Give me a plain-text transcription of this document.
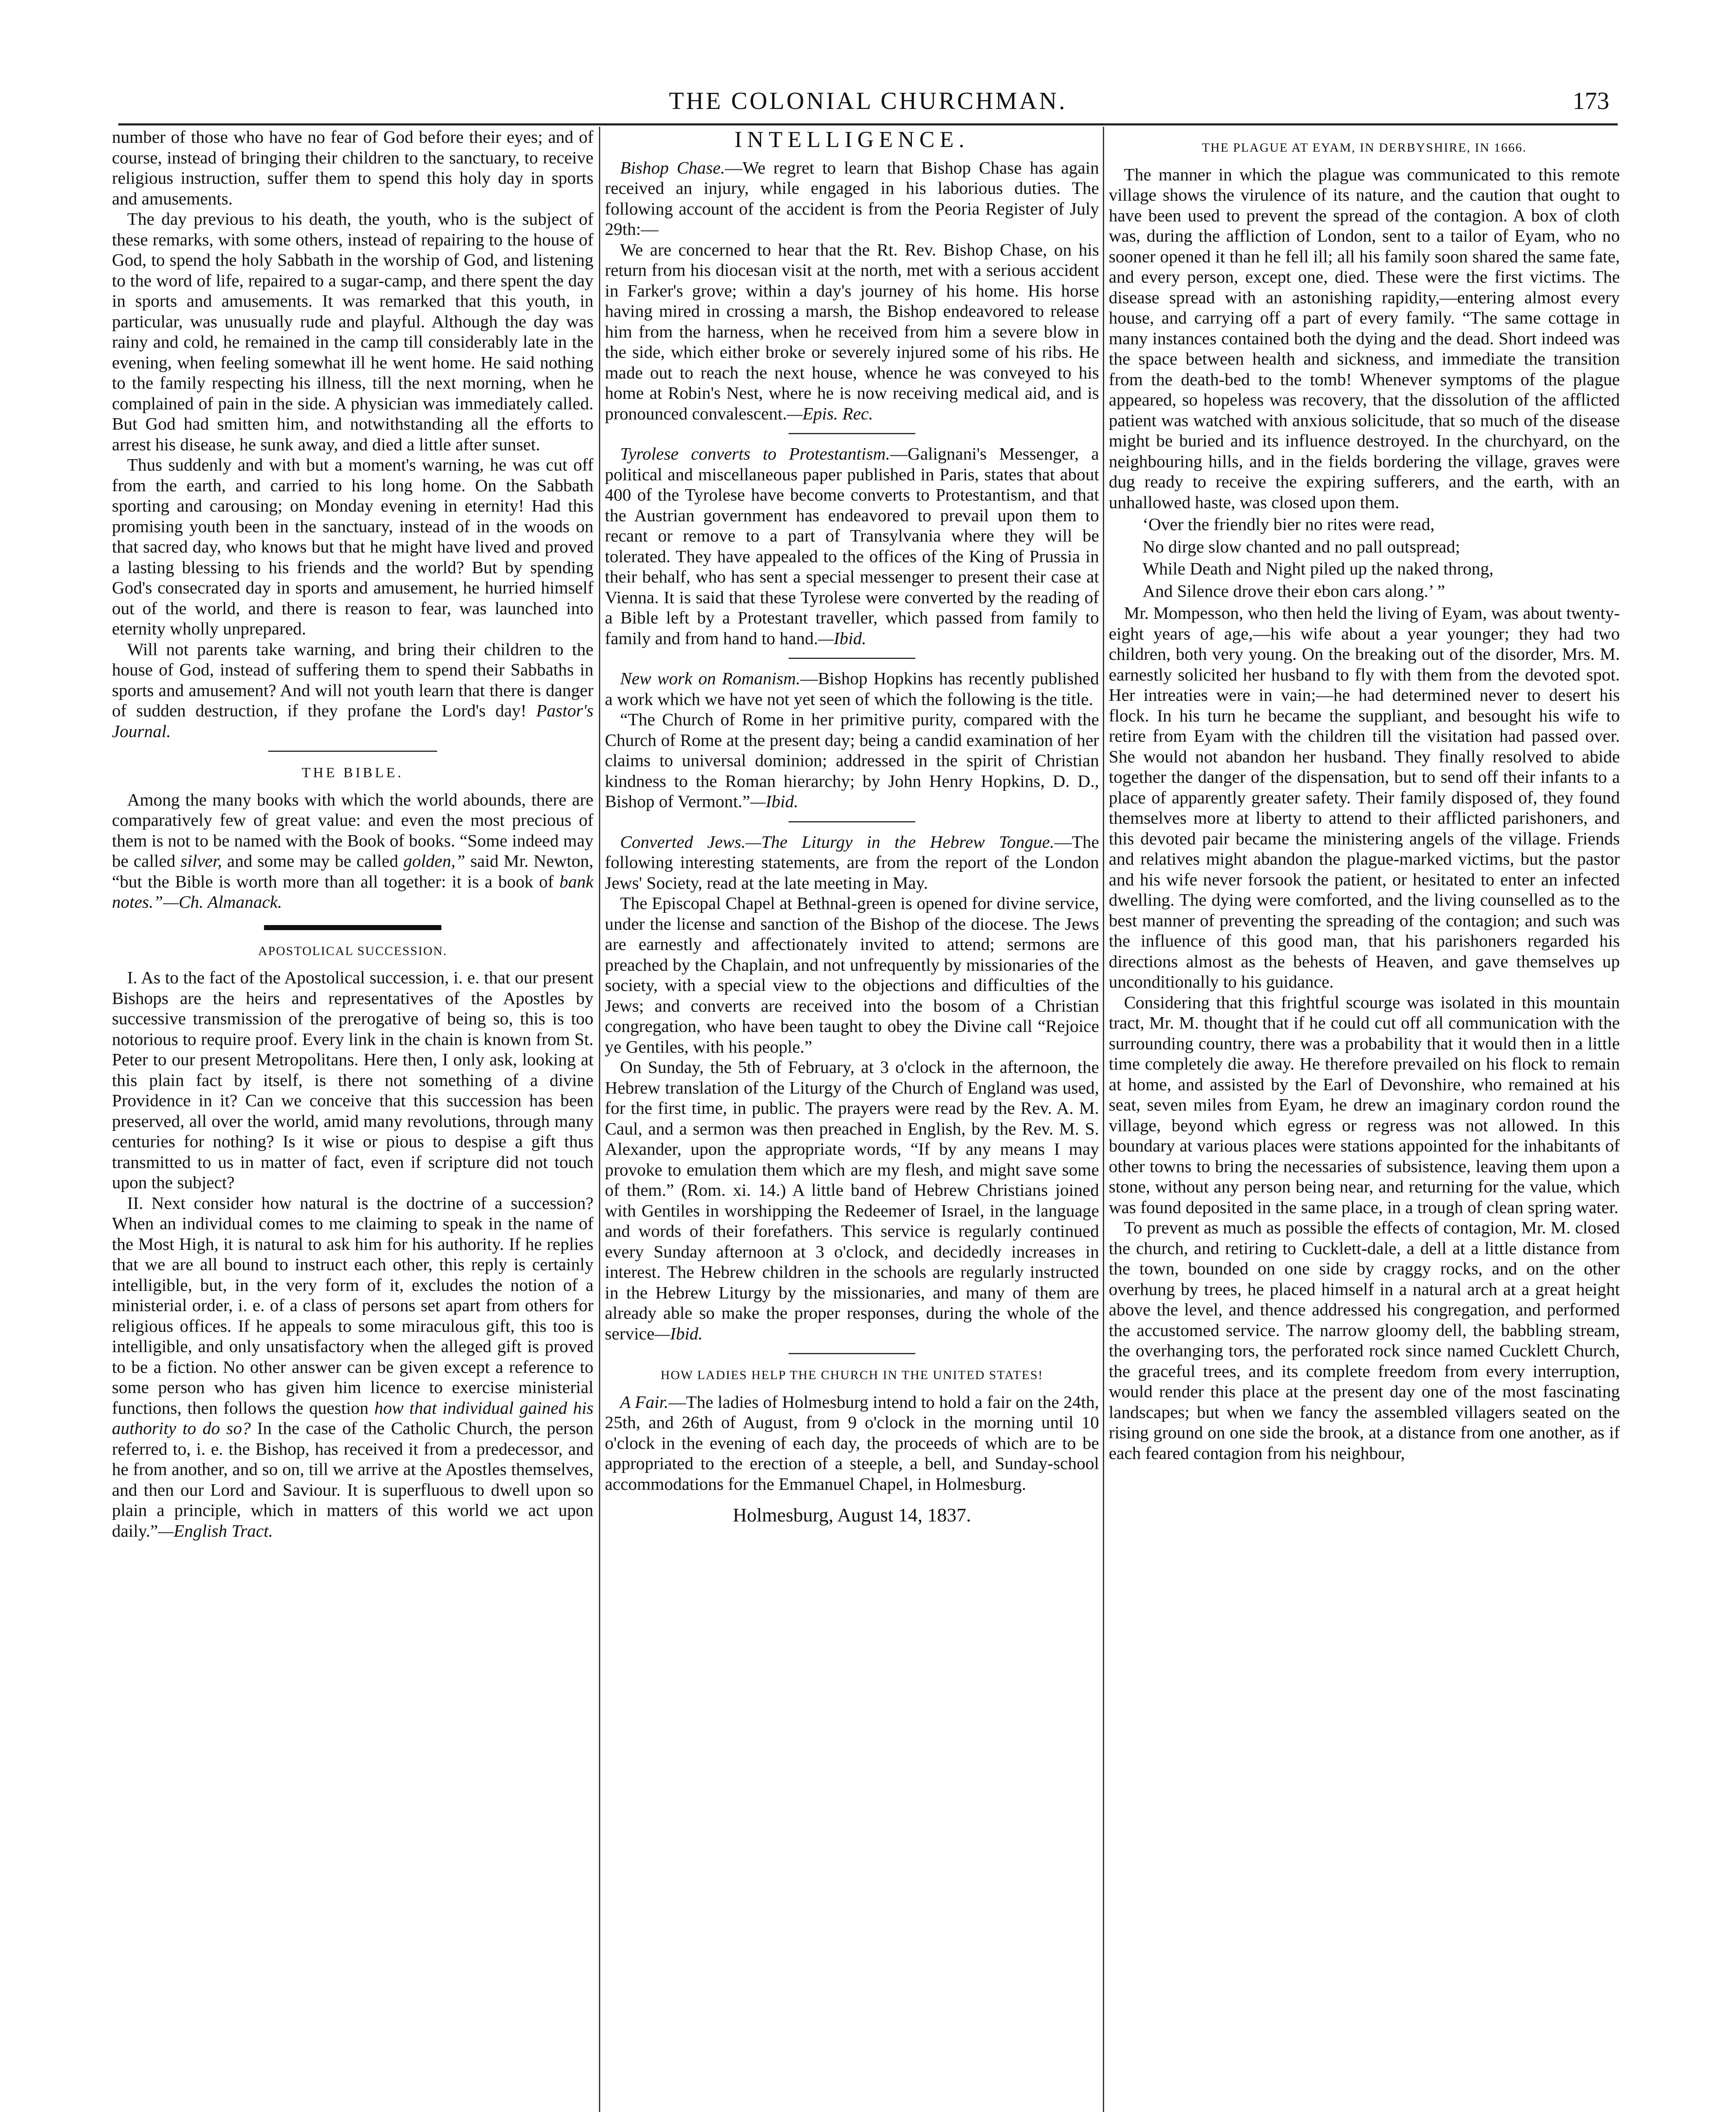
THE COLONIAL CHURCHMAN.	173

number of those who have no fear of God before their eyes; and of course, instead of bringing their children to the sanctuary, to receive religious instruction, suffer them to spend this holy day in sports and amusements.

The day previous to his death, the youth, who is the subject of these remarks, with some others, instead of repairing to the house of God, to spend the holy Sabbath in the worship of God, and listening to the word of life, repaired to a sugar-camp, and there spent the day in sports and amusements. It was remarked that this youth, in particular, was unusually rude and playful. Although the day was rainy and cold, he remained in the camp till considerably late in the evening, when feeling somewhat ill he went home. He said nothing to the family respecting his illness, till the next morning, when he complained of pain in the side. A physician was immediately called. But God had smitten him, and notwithstanding all the efforts to arrest his disease, he sunk away, and died a little after sunset.

Thus suddenly and with but a moment's warning, he was cut off from the earth, and carried to his long home. On the Sabbath sporting and carousing; on Monday evening in eternity! Had this promising youth been in the sanctuary, instead of in the woods on that sacred day, who knows but that he might have lived and proved a lasting blessing to his friends and the world? But by spending God's consecrated day in sports and amusement, he hurried himself out of the world, and there is reason to fear, was launched into eternity wholly unprepared.

Will not parents take warning, and bring their children to the house of God, instead of suffering them to spend their Sabbaths in sports and amusement? And will not youth learn that there is danger of sudden destruction, if they profane the Lord's day! Pastor's Journal.

THE BIBLE.

Among the many books with which the world abounds, there are comparatively few of great value: and even the most precious of them is not to be named with the Book of books. “Some indeed may be called silver, and some may be called golden,” said Mr. Newton, “but the Bible is worth more than all together: it is a book of bank notes.”—Ch. Almanack.

APOSTOLICAL SUCCESSION.

I. As to the fact of the Apostolical succession, i. e. that our present Bishops are the heirs and representatives of the Apostles by successive transmission of the prerogative of being so, this is too notorious to require proof. Every link in the chain is known from St. Peter to our present Metropolitans. Here then, I only ask, looking at this plain fact by itself, is there not something of a divine Providence in it? Can we conceive that this succession has been preserved, all over the world, amid many revolutions, through many centuries for nothing? Is it wise or pious to despise a gift thus transmitted to us in matter of fact, even if scripture did not touch upon the subject?

II. Next consider how natural is the doctrine of a succession? When an individual comes to me claiming to speak in the name of the Most High, it is natural to ask him for his authority. If he replies that we are all bound to instruct each other, this reply is certainly intelligible, but, in the very form of it, excludes the notion of a ministerial order, i. e. of a class of persons set apart from others for religious offices. If he appeals to some miraculous gift, this too is intelligible, and only unsatisfactory when the alleged gift is proved to be a fiction. No other answer can be given except a reference to some person who has given him licence to exercise ministerial functions, then follows the question how that individual gained his authority to do so? In the case of the Catholic Church, the person referred to, i. e. the Bishop, has received it from a predecessor, and he from another, and so on, till we arrive at the Apostles themselves, and then our Lord and Saviour. It is superfluous to dwell upon so plain a principle, which in matters of this world we act upon daily.”—English Tract.

INTELLIGENCE.

Bishop Chase.—We regret to learn that Bishop Chase has again received an injury, while engaged in his laborious duties. The following account of the accident is from the Peoria Register of July 29th:—

We are concerned to hear that the Rt. Rev. Bishop Chase, on his return from his diocesan visit at the north, met with a serious accident in Farker's grove; within a day's journey of his home. His horse having mired in crossing a marsh, the Bishop endeavored to release him from the harness, when he received from him a severe blow in the side, which either broke or severely injured some of his ribs. He made out to reach the next house, whence he was conveyed to his home at Robin's Nest, where he is now receiving medical aid, and is pronounced convalescent.—Epis. Rec.

Tyrolese converts to Protestantism.—Galignani's Messenger, a political and miscellaneous paper published in Paris, states that about 400 of the Tyrolese have become converts to Protestantism, and that the Austrian government has endeavored to prevail upon them to recant or remove to a part of Transylvania where they will be tolerated. They have appealed to the offices of the King of Prussia in their behalf, who has sent a special messenger to present their case at Vienna. It is said that these Tyrolese were converted by the reading of a Bible left by a Protestant traveller, which passed from family to family and from hand to hand.—Ibid.

New work on Romanism.—Bishop Hopkins has recently published a work which we have not yet seen of which the following is the title.

“The Church of Rome in her primitive purity, compared with the Church of Rome at the present day; being a candid examination of her claims to universal dominion; addressed in the spirit of Christian kindness to the Roman hierarchy; by John Henry Hopkins, D. D., Bishop of Vermont.”—Ibid.

Converted Jews.—The Liturgy in the Hebrew Tongue.—The following interesting statements, are from the report of the London Jews' Society, read at the late meeting in May.

The Episcopal Chapel at Bethnal-green is opened for divine service, under the license and sanction of the Bishop of the diocese. The Jews are earnestly and affectionately invited to attend; sermons are preached by the Chaplain, and not unfrequently by missionaries of the society, with a special view to the objections and difficulties of the Jews; and converts are received into the bosom of a Christian congregation, who have been taught to obey the Divine call “Rejoice ye Gentiles, with his people.”

On Sunday, the 5th of February, at 3 o'clock in the afternoon, the Hebrew translation of the Liturgy of the Church of England was used, for the first time, in public. The prayers were read by the Rev. A. M. Caul, and a sermon was then preached in English, by the Rev. M. S. Alexander, upon the appropriate words, “If by any means I may provoke to emulation them which are my flesh, and might save some of them.” (Rom. xi. 14.) A little band of Hebrew Christians joined with Gentiles in worshipping the Redeemer of Israel, in the language and words of their forefathers. This service is regularly continued every Sunday afternoon at 3 o'clock, and decidedly increases in interest. The Hebrew children in the schools are regularly instructed in the Hebrew Liturgy by the missionaries, and many of them are already able so make the proper responses, during the whole of the service—Ibid.

HOW LADIES HELP THE CHURCH IN THE UNITED STATES!

A Fair.—The ladies of Holmesburg intend to hold a fair on the 24th, 25th, and 26th of August, from 9 o'clock in the morning until 10 o'clock in the evening of each day, the proceeds of which are to be appropriated to the erection of a steeple, a bell, and Sunday-school accommodations for the Emmanuel Chapel, in Holmesburg.

Holmesburg, August 14, 1837.
THE PLAGUE AT EYAM, IN DERBYSHIRE, IN 1666.

The manner in which the plague was communicated to this remote village shows the virulence of its nature, and the caution that ought to have been used to prevent the spread of the contagion. A box of cloth was, during the affliction of London, sent to a tailor of Eyam, who no sooner opened it than he fell ill; all his family soon shared the same fate, and every person, except one, died. These were the first victims. The disease spread with an astonishing rapidity,—entering almost every house, and carrying off a part of every family. “The same cottage in many instances contained both the dying and the dead. Short indeed was the space between health and sickness, and immediate the transition from the death-bed to the tomb! Whenever symptoms of the plague appeared, so hopeless was recovery, that the dissolution of the afflicted patient was watched with anxious solicitude, that so much of the disease might be buried and its influence destroyed. In the churchyard, on the neighbouring hills, and in the fields bordering the village, graves were dug ready to receive the expiring sufferers, and the earth, with an unhallowed haste, was closed upon them.

‘Over the friendly bier no rites were read,
No dirge slow chanted and no pall outspread;
While Death and Night piled up the naked throng,
And Silence drove their ebon cars along.’ ”

Mr. Mompesson, who then held the living of Eyam, was about twenty-eight years of age,—his wife about a year younger; they had two children, both very young. On the breaking out of the disorder, Mrs. M. earnestly solicited her husband to fly with them from the devoted spot. Her intreaties were in vain;—he had determined never to desert his flock. In his turn he became the suppliant, and besought his wife to retire from Eyam with the children till the visitation had passed over. She would not abandon her husband. They finally resolved to abide together the danger of the dispensation, but to send off their infants to a place of apparently greater safety. Their family disposed of, they found themselves more at liberty to attend to their afflicted parishoners, and this devoted pair became the ministering angels of the village. Friends and relatives might abandon the plague-marked victims, but the pastor and his wife never forsook the patient, or hesitated to enter an infected dwelling. The dying were comforted, and the living counselled as to the best manner of preventing the spreading of the contagion; and such was the influence of this good man, that his parishoners regarded his directions almost as the behests of Heaven, and gave themselves up unconditionally to his guidance.

Considering that this frightful scourge was isolated in this mountain tract, Mr. M. thought that if he could cut off all communication with the surrounding country, there was a probability that it would then in a little time completely die away. He therefore prevailed on his flock to remain at home, and assisted by the Earl of Devonshire, who remained at his seat, seven miles from Eyam, he drew an imaginary cordon round the village, beyond which egress or regress was not allowed. In this boundary at various places were stations appointed for the inhabitants of other towns to bring the necessaries of subsistence, leaving them upon a stone, without any person being near, and returning for the value, which was found deposited in the same place, in a trough of clean spring water.

To prevent as much as possible the effects of contagion, Mr. M. closed the church, and retiring to Cucklett-dale, a dell at a little distance from the town, bounded on one side by craggy rocks, and on the other overhung by trees, he placed himself in a natural arch at a great height above the level, and thence addressed his congregation, and performed the accustomed service. The narrow gloomy dell, the babbling stream, the overhanging tors, the perforated rock since named Cucklett Church, the graceful trees, and its complete freedom from every interruption, would render this place at the present day one of the most fascinating landscapes; but when we fancy the assembled villagers seated on the rising ground on one side the brook, at a distance from one another, as if each feared contagion from his neighbour,
